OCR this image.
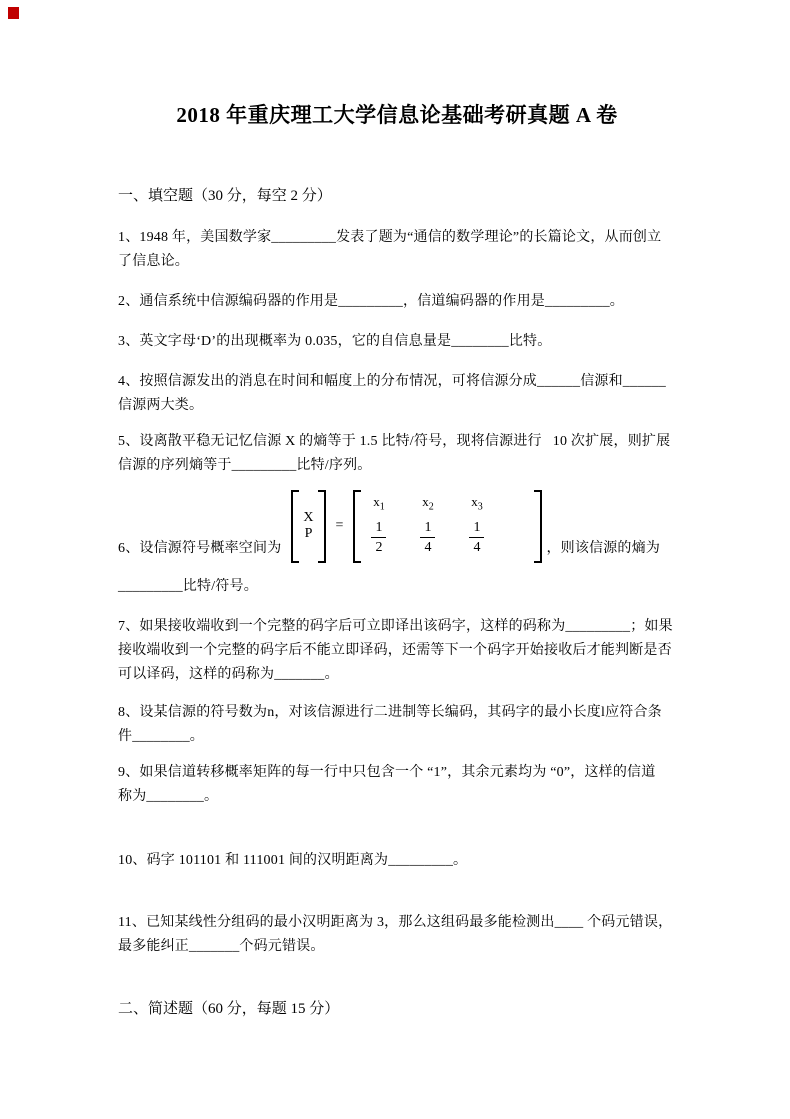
2018 年重庆理工大学信息论基础考研真题 A 卷
一、填空题（30 分，每空 2 分）
1、1948 年，美国数学家_________发表了题为“通信的数学理论”的长篇论文，从而创立
了信息论。
2、通信系统中信源编码器的作用是_________，信道编码器的作用是_________。
3、英文字母‘D’的出现概率为 0.035，它的自信息量是________比特。
4、按照信源发出的消息在时间和幅度上的分布情况，可将信源分成______信源和______
信源两大类。
5、设离散平稳无记忆信源 X 的熵等于 1.5 比特/符号，现将信源进行   10 次扩展，则扩展
信源的序列熵等于_________比特/序列。
6、设信源符号概率空间为
X
P
=
$x_1$
$\frac{1}{2}$
$x_2$
$\frac{1}{4}$
$x_3$
$\frac{1}{4}$	，则该信源的熵为
_________比特/符号。
7、如果接收端收到一个完整的码字后可立即译出该码字，这样的码称为_________；如果
接收端收到一个完整的码字后不能立即译码，还需等下一个码字开始接收后才能判断是否
可以译码，这样的码称为_______。
8、设某信源的符号数为n，对该信源进行二进制等长编码，其码字的最小长度l应符合条
件________。
9、如果信道转移概率矩阵的每一行中只包含一个 “1”，其余元素均为 “0”，这样的信道
称为________。
10、码字 101101 和 111001 间的汉明距离为_________。
11、已知某线性分组码的最小汉明距离为 3，那么这组码最多能检测出____ 个码元错误，
最多能纠正_______个码元错误。
二、简述题（60 分，每题 15 分）
